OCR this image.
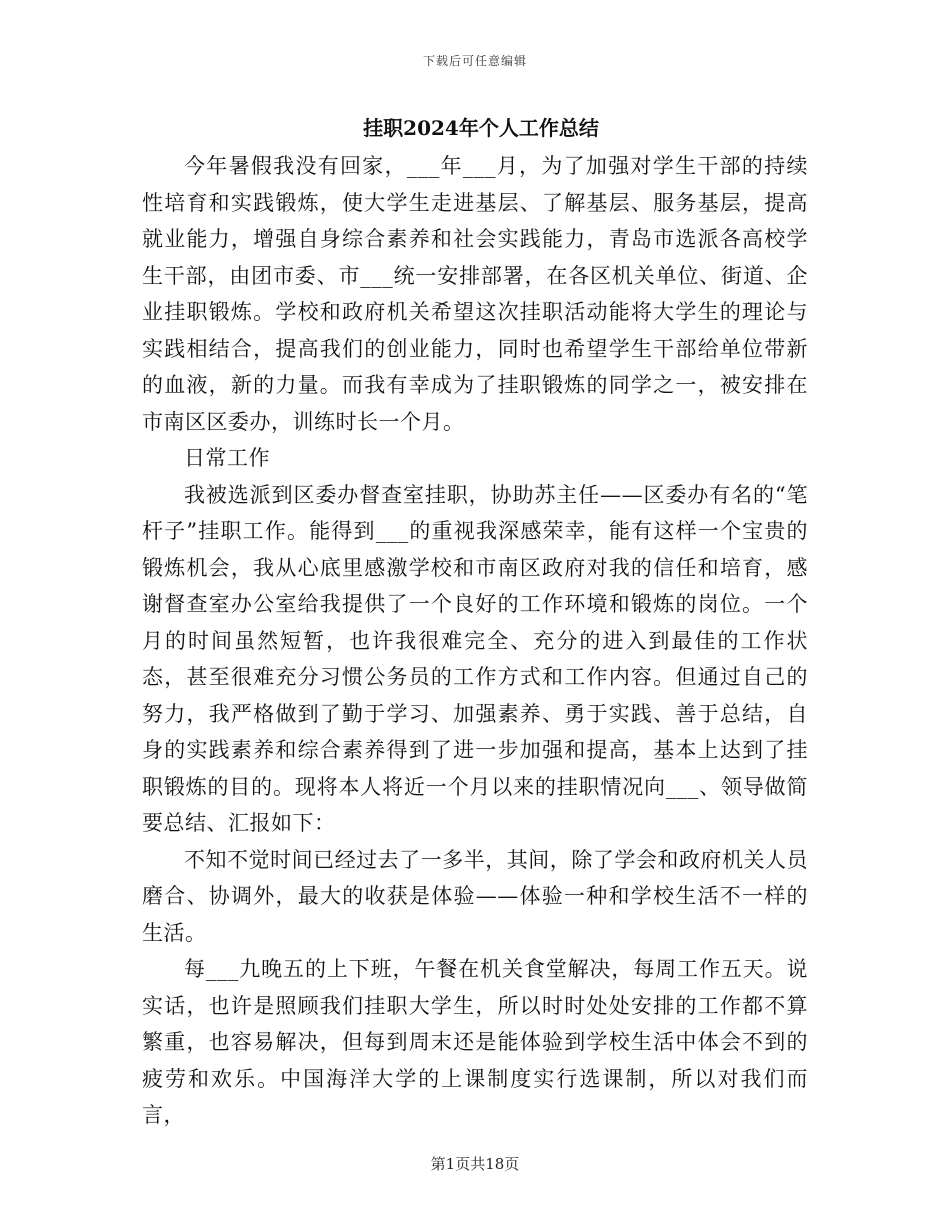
下载后可任意编辑
挂职2024年个人工作总结

今年暑假我没有回家，___年___月，为了加强对学生干部的持续性培育和实践锻炼，使大学生走进基层、了解基层、服务基层，提高就业能力，增强自身综合素养和社会实践能力，青岛市选派各高校学生干部，由团市委、市___统一安排部署，在各区机关单位、街道、企业挂职锻炼。学校和政府机关希望这次挂职活动能将大学生的理论与实践相结合，提高我们的创业能力，同时也希望学生干部给单位带新的血液，新的力量。而我有幸成为了挂职锻炼的同学之一，被安排在市南区区委办，训练时长一个月。

日常工作

我被选派到区委办督查室挂职，协助苏主任——区委办有名的“笔杆子”挂职工作。能得到___的重视我深感荣幸，能有这样一个宝贵的锻炼机会，我从心底里感激学校和市南区政府对我的信任和培育，感谢督查室办公室给我提供了一个良好的工作环境和锻炼的岗位。一个月的时间虽然短暂，也许我很难完全、充分的进入到最佳的工作状态，甚至很难充分习惯公务员的工作方式和工作内容。但通过自己的努力，我严格做到了勤于学习、加强素养、勇于实践、善于总结，自身的实践素养和综合素养得到了进一步加强和提高，基本上达到了挂职锻炼的目的。现将本人将近一个月以来的挂职情况向___、领导做简要总结、汇报如下：

不知不觉时间已经过去了一多半，其间，除了学会和政府机关人员磨合、协调外，最大的收获是体验——体验一种和学校生活不一样的生活。

每___九晚五的上下班，午餐在机关食堂解决，每周工作五天。说实话，也许是照顾我们挂职大学生，所以时时处处安排的工作都不算繁重，也容易解决，但每到周末还是能体验到学校生活中体会不到的疲劳和欢乐。中国海洋大学的上课制度实行选课制，所以对我们而言，

第1页共18页
